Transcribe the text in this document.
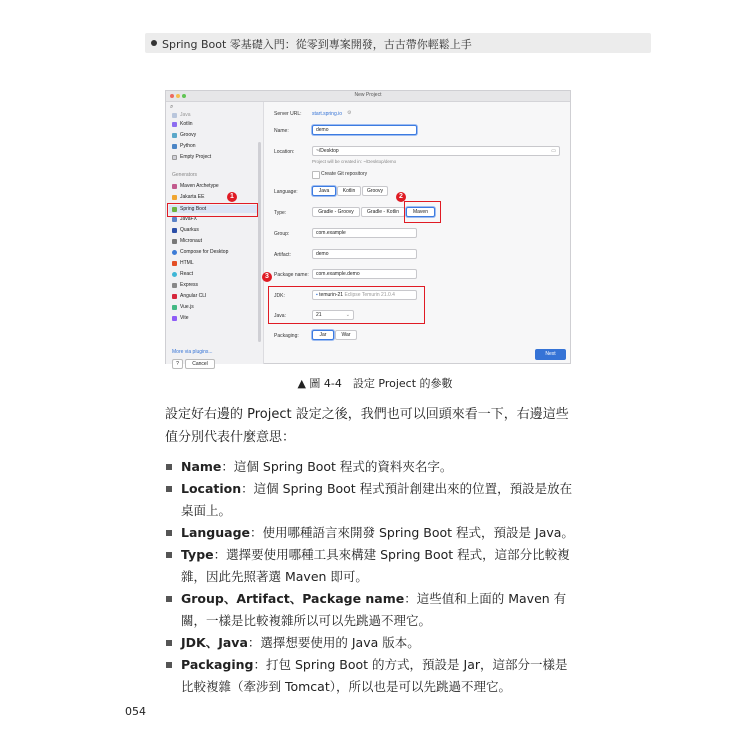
Spring Boot 零基礎入門：從零到專案開發，古古帶你輕鬆上手
New Project
⌕
Java
Kotlin
Groovy
Python
Empty Project
Generators
Maven Archetype
Jakarta EE
Spring Boot
JavaFX
Quarkus
Micronaut
Compose for Desktop
HTML
React
Express
Angular CLI
Vue.js
Vite
More via plugins...
?	Cancel
Server URL: start.spring.io ⚙
Name:	demo
Location:	~/Desktop	▭
Project will be created in: ~/Desktop/demo
Create Git repository
Language:	Java	Kotlin	Groovy
Type:	Gradle - Groovy	Gradle - Kotlin	Maven
Group:	com.example
Artifact:	demo
Package name:	com.example.demo
JDK:	▪ temurin-21 Eclipse Temurin 21.0.4
Java:	21	⌄
Packaging:	Jar	War
Next
1	2
3
▲ 圖 4-4　設定 Project 的參數
設定好右邊的 Project 設定之後，我們也可以回頭來看一下，右邊這些值分別代表什麼意思：
Name：這個 Spring Boot 程式的資料夾名字。
Location：這個 Spring Boot 程式預計創建出來的位置，預設是放在桌面上。
Language：使用哪種語言來開發 Spring Boot 程式，預設是 Java。
Type：選擇要使用哪種工具來構建 Spring Boot 程式，這部分比較複雜，因此先照著選 Maven 即可。
Group、Artifact、Package name：這些值和上面的 Maven 有關，一樣是比較複雜所以可以先跳過不理它。
JDK、Java：選擇想要使用的 Java 版本。
Packaging：打包 Spring Boot 的方式，預設是 Jar，這部分一樣是比較複雜（牽涉到 Tomcat），所以也是可以先跳過不理它。
054
